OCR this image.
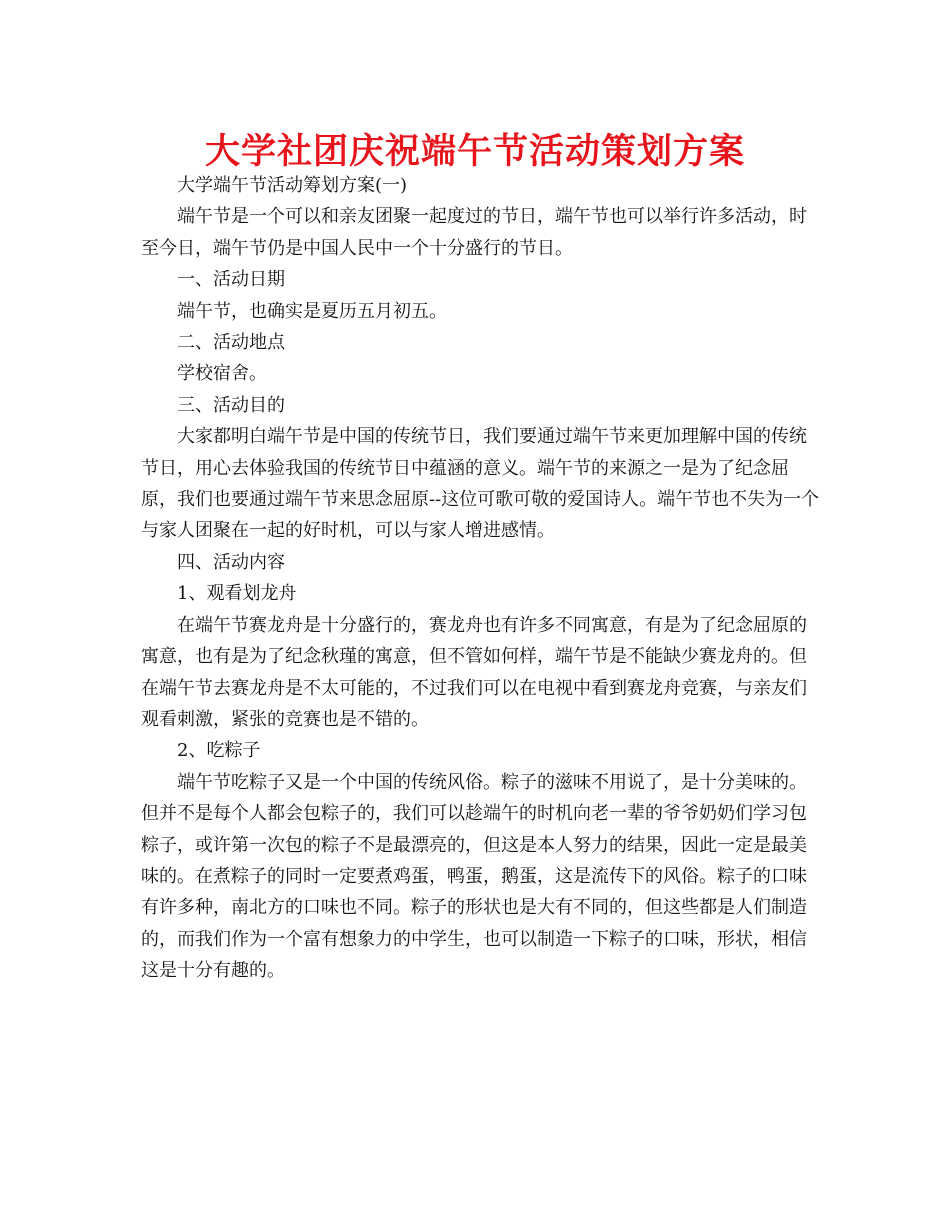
大学社团庆祝端午节活动策划方案

大学端午节活动筹划方案(一)

端午节是一个可以和亲友团聚一起度过的节日，端午节也可以举行许多活动，时至今日，端午节仍是中国人民中一个十分盛行的节日。

一、活动日期

端午节，也确实是夏历五月初五。

二、活动地点

学校宿舍。

三、活动目的

大家都明白端午节是中国的传统节日，我们要通过端午节来更加理解中国的传统节日，用心去体验我国的传统节日中蕴涵的意义。端午节的来源之一是为了纪念屈原，我们也要通过端午节来思念屈原--这位可歌可敬的爱国诗人。端午节也不失为一个与家人团聚在一起的好时机，可以与家人增进感情。

四、活动内容

1、观看划龙舟

在端午节赛龙舟是十分盛行的，赛龙舟也有许多不同寓意，有是为了纪念屈原的寓意，也有是为了纪念秋瑾的寓意，但不管如何样，端午节是不能缺少赛龙舟的。但在端午节去赛龙舟是不太可能的，不过我们可以在电视中看到赛龙舟竞赛，与亲友们观看刺激，紧张的竞赛也是不错的。

2、吃粽子

端午节吃粽子又是一个中国的传统风俗。粽子的滋味不用说了，是十分美味的。但并不是每个人都会包粽子的，我们可以趁端午的时机向老一辈的爷爷奶奶们学习包粽子，或许第一次包的粽子不是最漂亮的，但这是本人努力的结果，因此一定是最美味的。在煮粽子的同时一定要煮鸡蛋，鸭蛋，鹅蛋，这是流传下的风俗。粽子的口味有许多种，南北方的口味也不同。粽子的形状也是大有不同的，但这些都是人们制造的，而我们作为一个富有想象力的中学生，也可以制造一下粽子的口味，形状，相信这是十分有趣的。
